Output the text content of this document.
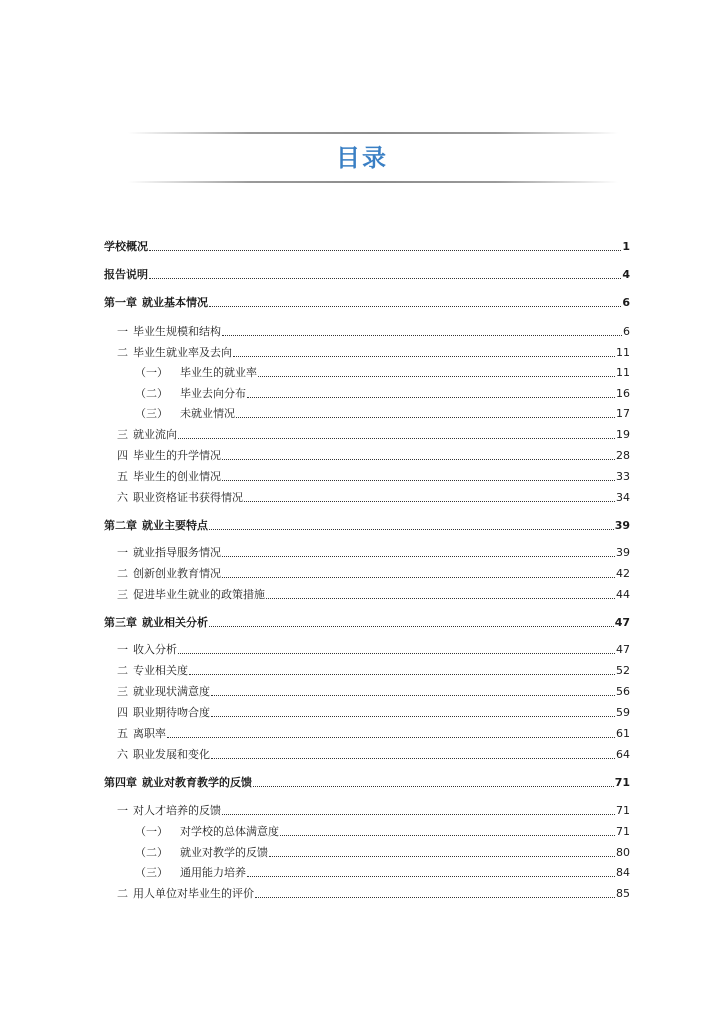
目录
学校概况	1
报告说明	4
第一章 就业基本情况	6
一 毕业生规模和结构	6
二 毕业生就业率及去向	11
（一） 毕业生的就业率	11
（二） 毕业去向分布	16
（三） 未就业情况	17
三 就业流向	19
四 毕业生的升学情况	28
五 毕业生的创业情况	33
六 职业资格证书获得情况	34
第二章 就业主要特点	39
一 就业指导服务情况	39
二 创新创业教育情况	42
三 促进毕业生就业的政策措施	44
第三章 就业相关分析	47
一 收入分析	47
二 专业相关度	52
三 就业现状满意度	56
四 职业期待吻合度	59
五 离职率	61
六 职业发展和变化	64
第四章 就业对教育教学的反馈	71
一 对人才培养的反馈	71
（一） 对学校的总体满意度	71
（二） 就业对教学的反馈	80
（三） 通用能力培养	84
二 用人单位对毕业生的评价	85
